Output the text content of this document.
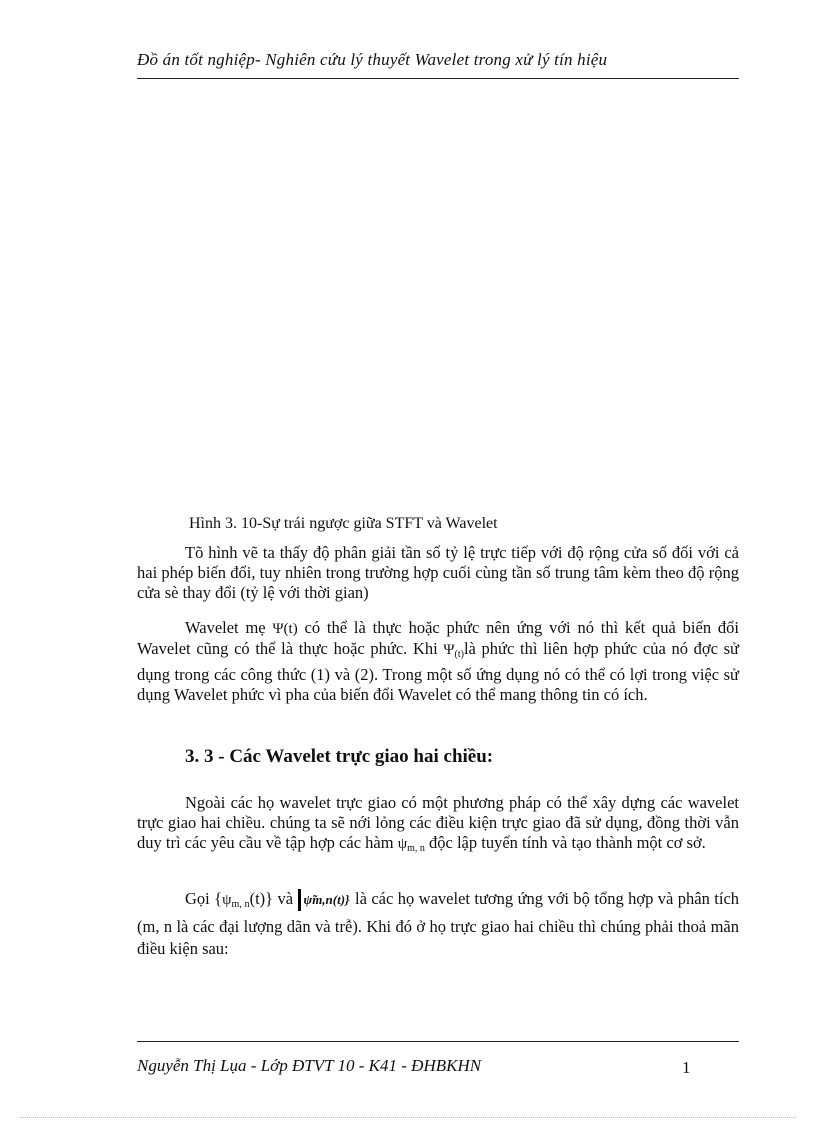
Đồ án tốt nghiệp- Nghiên cứu lý thuyết Wavelet trong xử lý tín hiệu
Hình 3. 10-Sự trái ngược giữa STFT và Wavelet

Tõ hình vẽ ta thấy độ phân giải tần số tỷ lệ trực tiếp với độ rộng cửa số đối với cả hai phép biến đổi, tuy nhiên trong trường hợp cuối cùng tần số trung tâm kèm theo độ rộng cửa sè thay đổi (tỷ lệ với thời gian)

Wavelet mẹ Ψ(t) có thể là thực hoặc phức nên ứng với nó thì kết quả biến đổi Wavelet cũng có thể là thực hoặc phức. Khi $\Psi_{(t)}là$ phức thì liên hợp phức của nó đợc sử dụng trong các công thức (1) và (2). Trong một số ứng dụng nó có thể có lợi trong việc sử dụng Wavelet phức vì pha của biến đổi Wavelet có thể mang thông tin có ích.

3. 3 - Các Wavelet trực giao hai chiều:

Ngoài các họ wavelet trực giao có một phương pháp có thể xây dựng các wavelet trực giao hai chiều. chúng ta sẽ nới lỏng các điều kiện trực giao đã sử dụng, đồng thời vẫn duy trì các yêu cầu về tập hợp các hàm $\psi_{m, n}$ độc lập tuyến tính và tạo thành một cơ sở.

Gọi $\{\psi_{m, n}(t)\}$ và ψ̃m,n(t)} là các họ wavelet tương ứng với bộ tổng hợp và phân tích (m, n là các đại lượng dãn và trễ). Khi đó ở họ trực giao hai chiều thì chúng phải thoả mãn điều kiện sau:

Nguyễn Thị Lụa - Lớp ĐTVT 10 - K41 - ĐHBKHN	1
